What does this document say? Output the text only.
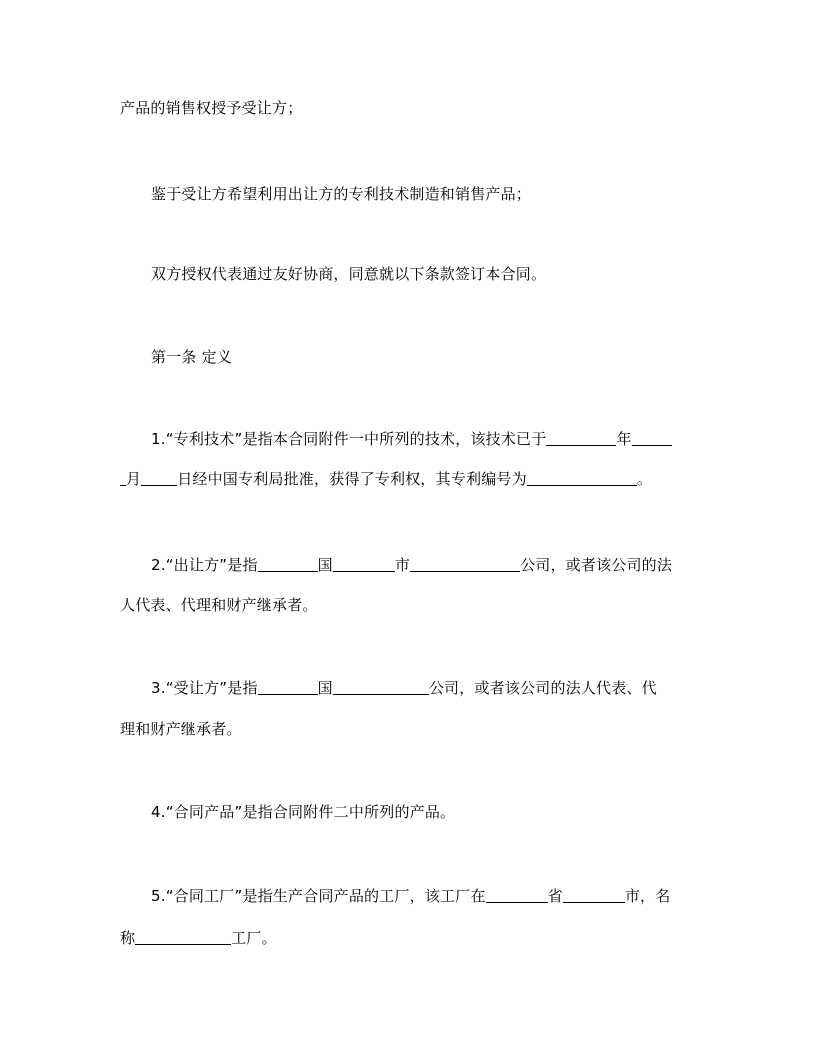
产品的销售权授予受让方；
鉴于受让方希望利用出让方的专利技术制造和销售产品；
双方授权代表通过友好协商，同意就以下条款签订本合同。
第一条 定义
1.“专利技术”是指本合同附件一中所列的技术，该技术已于	年
月 日经中国专利局批准，获得了专利权，其专利编号为	。
2.“出让方”是指	国	市	公司，或者该公司的法
人代表、代理和财产继承者。
3.“受让方”是指	国	公司，或者该公司的法人代表、代
理和财产继承者。
4.“合同产品”是指合同附件二中所列的产品。
5.“合同工厂”是指生产合同产品的工厂，该工厂在	省	市，名
称	工厂。
